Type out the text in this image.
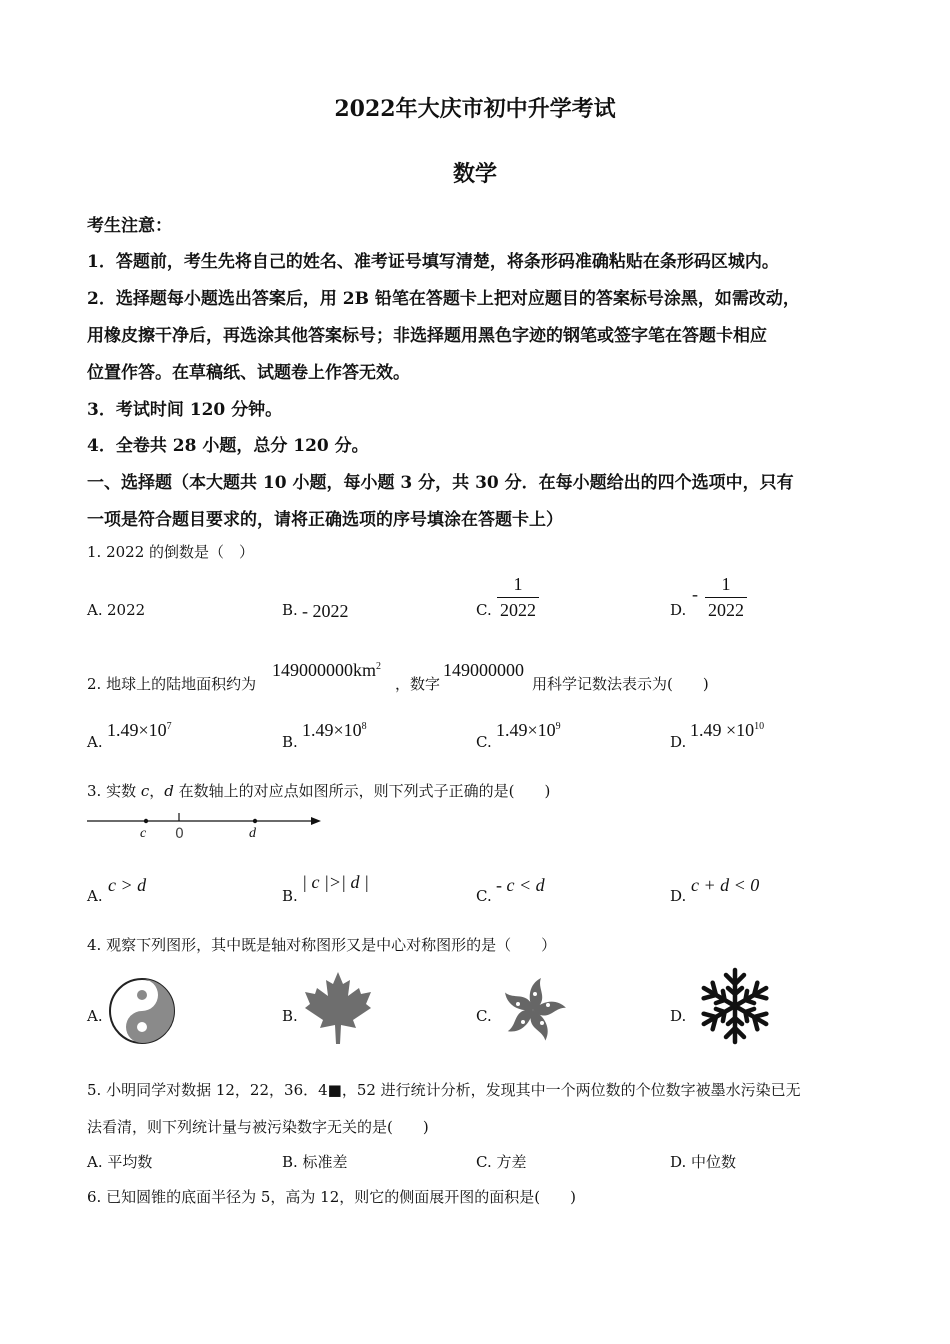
2022年大庆市初中升学考试
数学
考生注意：
1．答题前，考生先将自己的姓名、准考证号填写清楚，将条形码准确粘贴在条形码区城内。
2．选择题每小题选出答案后，用 2B 铅笔在答题卡上把对应题目的答案标号涂黑，如需改动，
用橡皮擦干净后，再选涂其他答案标号；非选择题用黑色字迹的钢笔或签字笔在答题卡相应
位置作答。在草稿纸、试题卷上作答无效。
3．考试时间 120 分钟。
4．全卷共 28 小题，总分 120 分。
一、选择题（本大题共 10 小题，每小题 3 分，共 30 分．在每小题给出的四个选项中，只有
一项是符合题目要求的，请将正确选项的序号填涂在答题卡上）
1. 2022 的倒数是（　）
A. 2022	B. - 2022	C.
1
2022	D.
-	1
2022
2. 地球上的陆地面积约为
$149000000km^2$
，数字
149000000
用科学记数法表示为(　　)
A.
$1.49\times 10^7$
B.
$1.49\times 10^8$
C.
$1.49\times 10^9$
D.
$1.49 \times 10^{10}$
3. 实数 c，d 在数轴上的对应点如图所示，则下列式子正确的是(　　)
c 0	d
A.
c > d
B.
| c |>| d |
C.
- c < d
D.
c + d < 0
4. 观察下列图形，其中既是轴对称图形又是中心对称图形的是（　　）
A.	B.	C.	D.
5. 小明同学对数据 12，22，36．4■，52 进行统计分析，发现其中一个两位数的个位数字被墨水污染已无
法看清，则下列统计量与被污染数字无关的是(　　)
A. 平均数	B. 标准差	C. 方差	D. 中位数
6. 已知圆锥的底面半径为 5，高为 12，则它的侧面展开图的面积是(　　)
